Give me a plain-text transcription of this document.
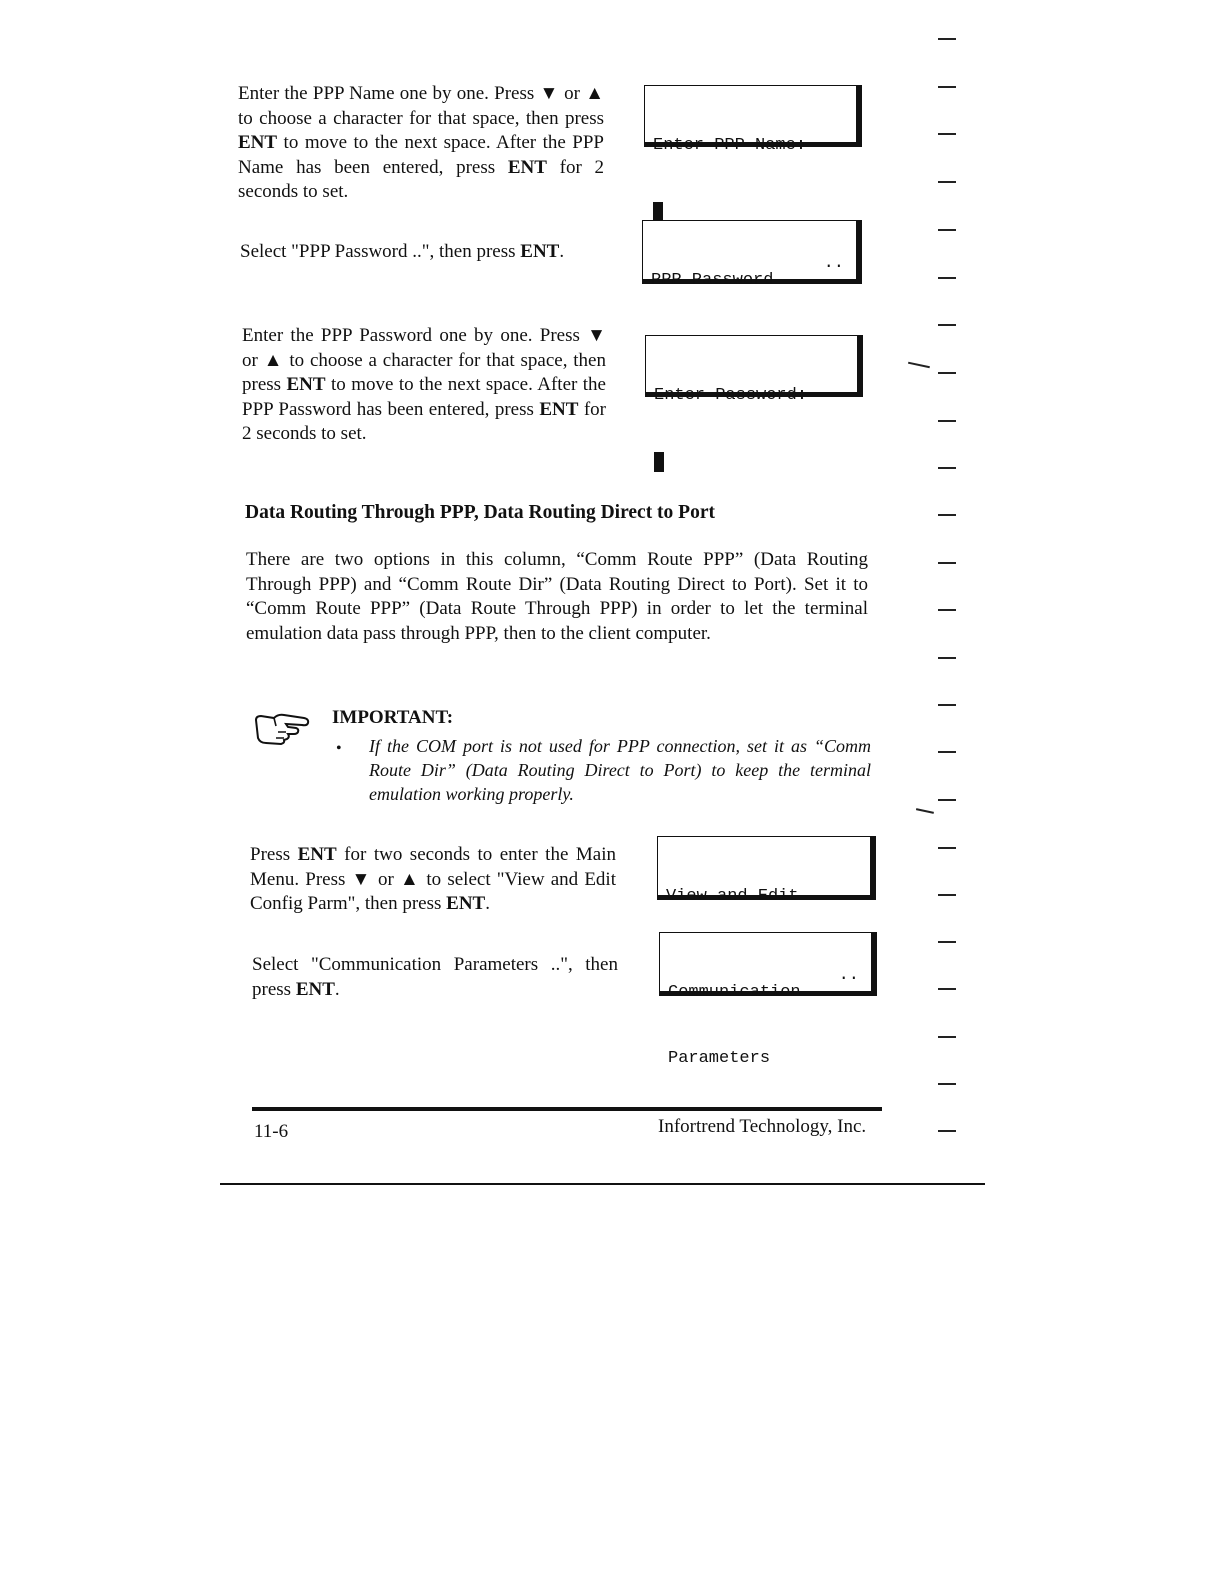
Enter the PPP Name one by one. Press ▼ or ▲ to choose a character for that space, then press ENT to move to the next space. After the PPP Name has been entered, press ENT for 2 seconds to set.

Enter PPP Name:

Select "PPP Password ..", then press ENT.

PPP Password

..

Enter the PPP Password one by one. Press ▼ or ▲ to choose a character for that space, then press ENT to move to the next space. After the PPP Password has been entered, press ENT for 2 seconds to set.

Enter Password:

Data Routing Through PPP, Data Routing Direct to Port
There are two options in this column, “Comm Route PPP” (Data Routing Through PPP) and “Comm Route Dir” (Data Routing Direct to Port). Set it to “Comm Route PPP” (Data Route Through PPP) in order to let the terminal emulation data pass through PPP, then to the client computer.
IMPORTANT:
• If the COM port is not used for PPP connection, set it as “Comm Route Dir” (Data Routing Direct to Port) to keep the terminal emulation working properly.
Press ENT for two seconds to enter the Main Menu. Press ▼ or ▲ to select "View and Edit Config Parm", then press ENT.

	View and Edit

Select "Communication Parameters ..", then press ENT.

	Communication

Parameters

..

11-6	Infortrend Technology, Inc.
